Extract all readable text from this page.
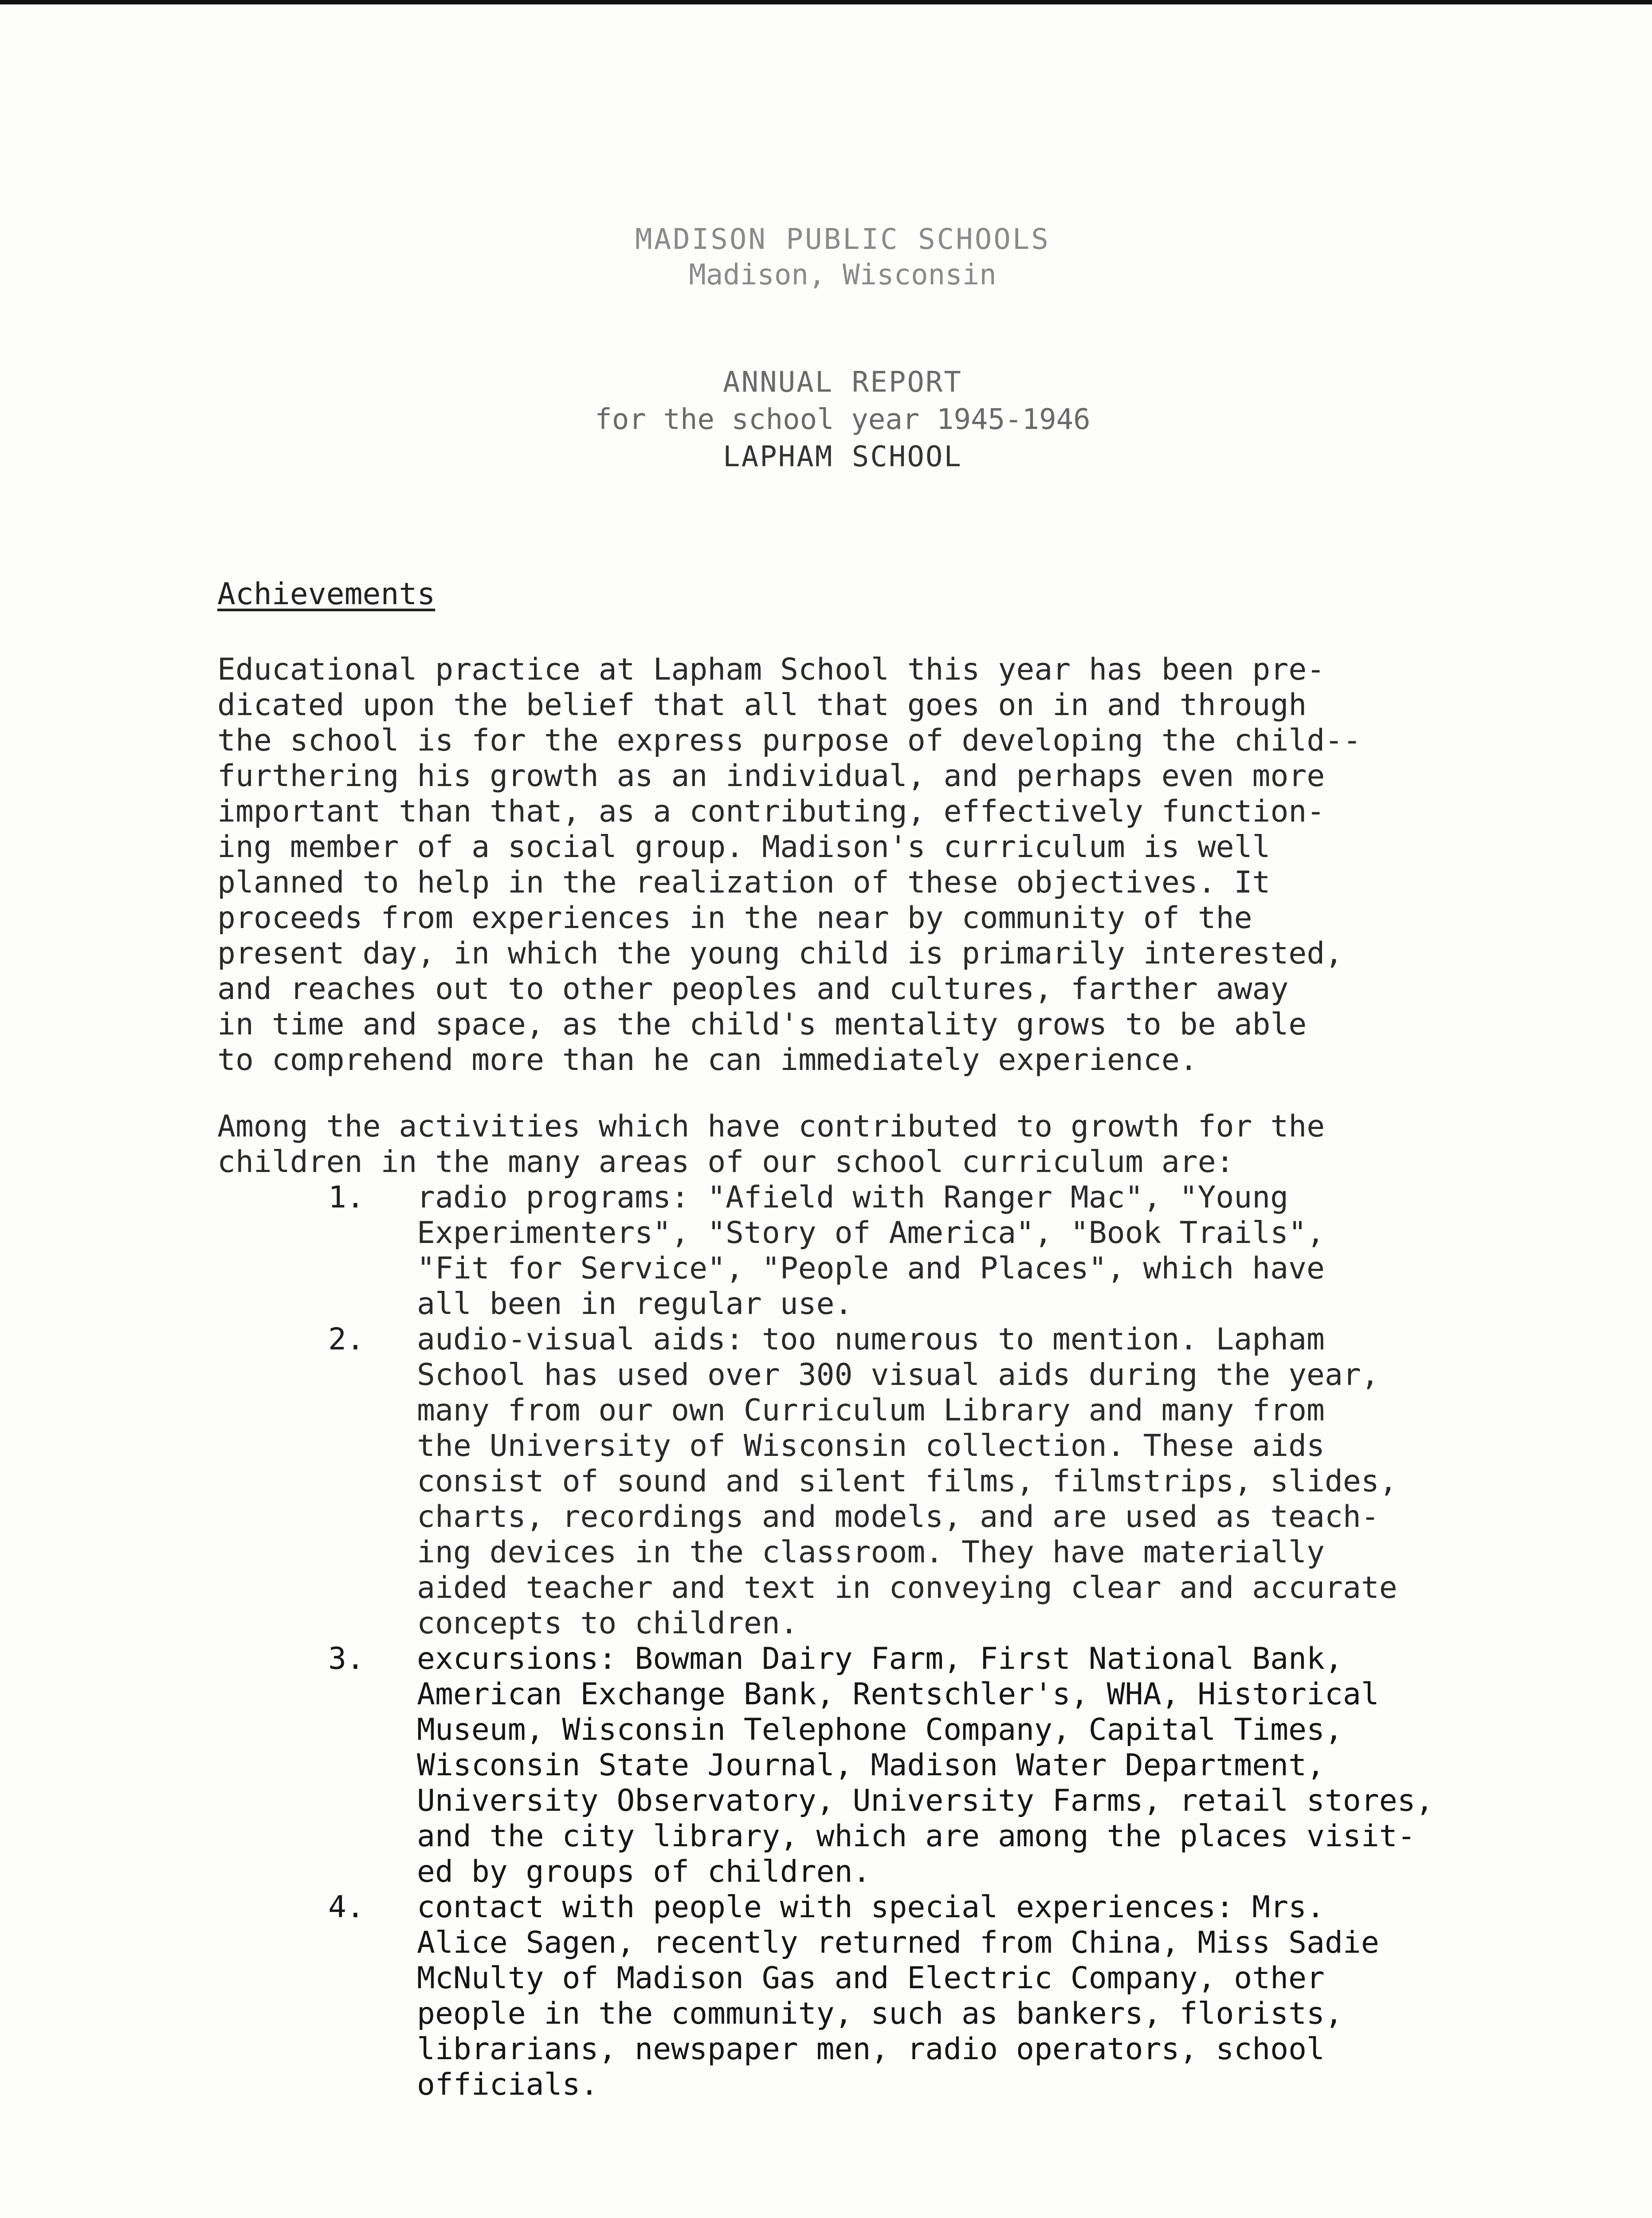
MADISON PUBLIC SCHOOLS
Madison, Wisconsin
ANNUAL REPORT
for the school year 1945-1946
LAPHAM SCHOOL
Achievements
Educational practice at Lapham School this year has been pre-
dicated upon the belief that all that goes on in and through
the school is for the express purpose of developing the child--
furthering his growth as an individual, and perhaps even more
important than that, as a contributing, effectively function-
ing member of a social group. Madison's curriculum is well
planned to help in the realization of these objectives. It
proceeds from experiences in the near by community of the
present day, in which the young child is primarily interested,
and reaches out to other peoples and cultures, farther away
in time and space, as the child's mentality grows to be able
to comprehend more than he can immediately experience.
Among the activities which have contributed to growth for the
children in the many areas of our school curriculum are:
1.	radio programs: "Afield with Ranger Mac", "Young
Experimenters", "Story of America", "Book Trails",
"Fit for Service", "People and Places", which have
all been in regular use.
2.	audio-visual aids: too numerous to mention. Lapham
School has used over 300 visual aids during the year,
many from our own Curriculum Library and many from
the University of Wisconsin collection. These aids
consist of sound and silent films, filmstrips, slides,
charts, recordings and models, and are used as teach-
ing devices in the classroom. They have materially
aided teacher and text in conveying clear and accurate
concepts to children.
3.	excursions: Bowman Dairy Farm, First National Bank,
American Exchange Bank, Rentschler's, WHA, Historical
Museum, Wisconsin Telephone Company, Capital Times,
Wisconsin State Journal, Madison Water Department,
University Observatory, University Farms, retail stores,
and the city library, which are among the places visit-
ed by groups of children.
4.	contact with people with special experiences: Mrs.
Alice Sagen, recently returned from China, Miss Sadie
McNulty of Madison Gas and Electric Company, other
people in the community, such as bankers, florists,
librarians, newspaper men, radio operators, school
officials.
